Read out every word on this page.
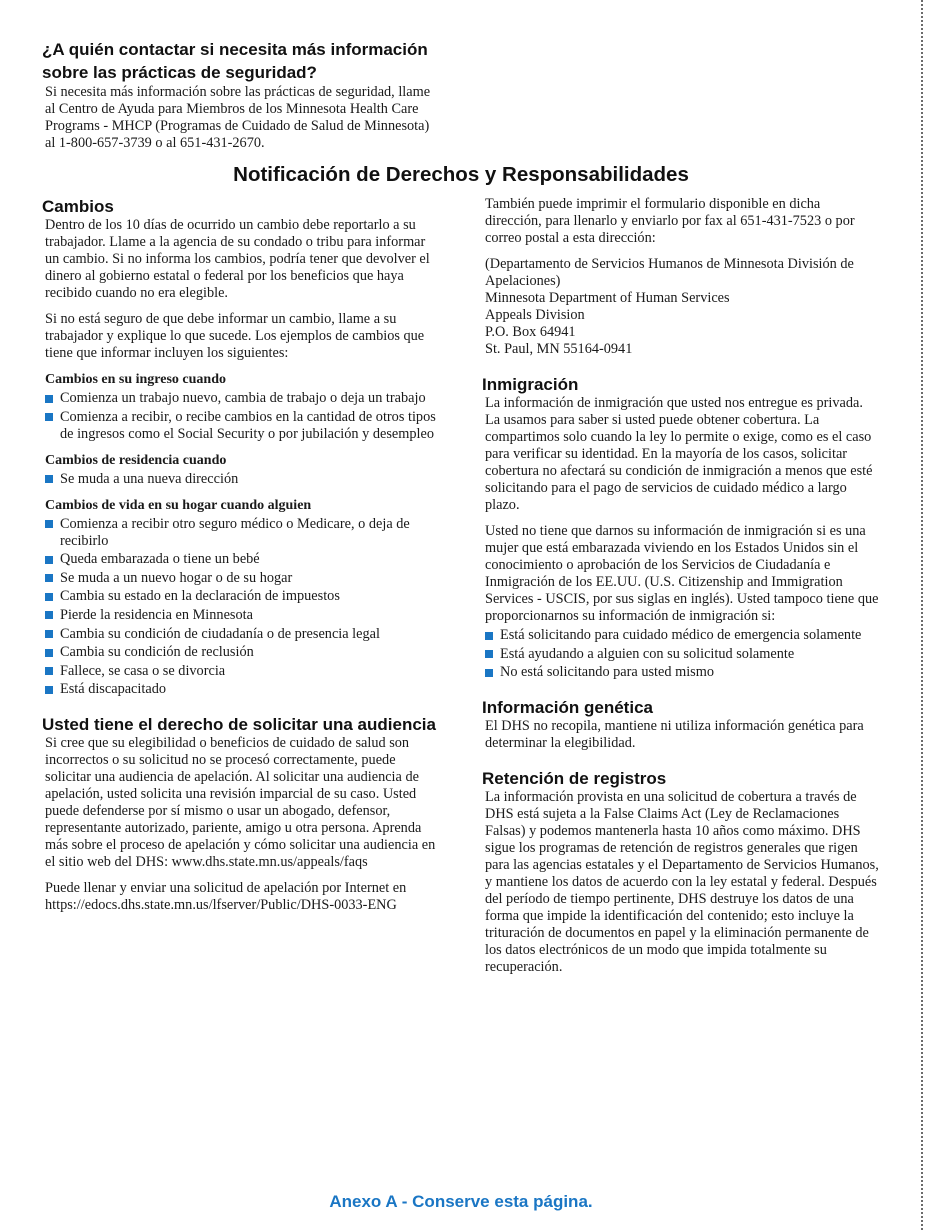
¿A quién contactar si necesita más información sobre las prácticas de seguridad?

Si necesita más información sobre las prácticas de seguridad, llame al Centro de Ayuda para Miembros de los Minnesota Health Care Programs - MHCP (Programas de Cuidado de Salud de Minnesota) al 1-800-657-3739 o al 651-431-2670.

Notificación de Derechos y Responsabilidades
Cambios

Dentro de los 10 días de ocurrido un cambio debe reportarlo a su trabajador. Llame a la agencia de su condado o tribu para informar un cambio. Si no informa los cambios, podría tener que devolver el dinero al gobierno estatal o federal por los beneficios que haya recibido cuando no era elegible.

Si no está seguro de que debe informar un cambio, llame a su trabajador y explique lo que sucede. Los ejemplos de cambios que tiene que informar incluyen los siguientes:

Cambios en su ingreso cuando

Comienza un trabajo nuevo, cambia de trabajo o deja un trabajo
Comienza a recibir, o recibe cambios en la cantidad de otros tipos de ingresos como el Social Security o por jubilación y desempleo

Cambios de residencia cuando

Se muda a una nueva dirección

Cambios de vida en su hogar cuando alguien

Comienza a recibir otro seguro médico o Medicare, o deja de recibirlo
Queda embarazada o tiene un bebé
Se muda a un nuevo hogar o de su hogar
Cambia su estado en la declaración de impuestos
Pierde la residencia en Minnesota
Cambia su condición de ciudadanía o de presencia legal
Cambia su condición de reclusión
Fallece, se casa o se divorcia
Está discapacitado
Usted tiene el derecho de solicitar una audiencia

Si cree que su elegibilidad o beneficios de cuidado de salud son incorrectos o su solicitud no se procesó correctamente, puede solicitar una audiencia de apelación. Al solicitar una audiencia de apelación, usted solicita una revisión imparcial de su caso. Usted puede defenderse por sí mismo o usar un abogado, defensor, representante autorizado, pariente, amigo u otra persona. Aprenda más sobre el proceso de apelación y cómo solicitar una audiencia en el sitio web del DHS: www.dhs.state.mn.us/appeals/faqs

Puede llenar y enviar una solicitud de apelación por Internet en https://edocs.dhs.state.mn.us/lfserver/Public/DHS-0033-ENG

También puede imprimir el formulario disponible en dicha dirección, para llenarlo y enviarlo por fax al 651-431-7523 o por correo postal a esta dirección:

(Departamento de Servicios Humanos de Minnesota División de Apelaciones)
Minnesota Department of Human Services
Appeals Division
P.O. Box 64941
St. Paul, MN 55164-0941

Inmigración

La información de inmigración que usted nos entregue es privada. La usamos para saber si usted puede obtener cobertura. La compartimos solo cuando la ley lo permite o exige, como es el caso para verificar su identidad. En la mayoría de los casos, solicitar cobertura no afectará su condición de inmigración a menos que esté solicitando para el pago de servicios de cuidado médico a largo plazo.

Usted no tiene que darnos su información de inmigración si es una mujer que está embarazada viviendo en los Estados Unidos sin el conocimiento o aprobación de los Servicios de Ciudadanía e Inmigración de los EE.UU. (U.S. Citizenship and Immigration Services - USCIS, por sus siglas en inglés). Usted tampoco tiene que proporcionarnos su información de inmigración si:

Está solicitando para cuidado médico de emergencia solamente
Está ayudando a alguien con su solicitud solamente
No está solicitando para usted mismo
Información genética

El DHS no recopila, mantiene ni utiliza información genética para determinar la elegibilidad.

Retención de registros

La información provista en una solicitud de cobertura a través de DHS está sujeta a la False Claims Act (Ley de Reclamaciones Falsas) y podemos mantenerla hasta 10 años como máximo. DHS sigue los programas de retención de registros generales que rigen para las agencias estatales y el Departamento de Servicios Humanos, y mantiene los datos de acuerdo con la ley estatal y federal. Después del período de tiempo pertinente, DHS destruye los datos de una forma que impide la identificación del contenido; esto incluye la trituración de documentos en papel y la eliminación permanente de los datos electrónicos de un modo que impida totalmente su recuperación.

Anexo A - Conserve esta página.
